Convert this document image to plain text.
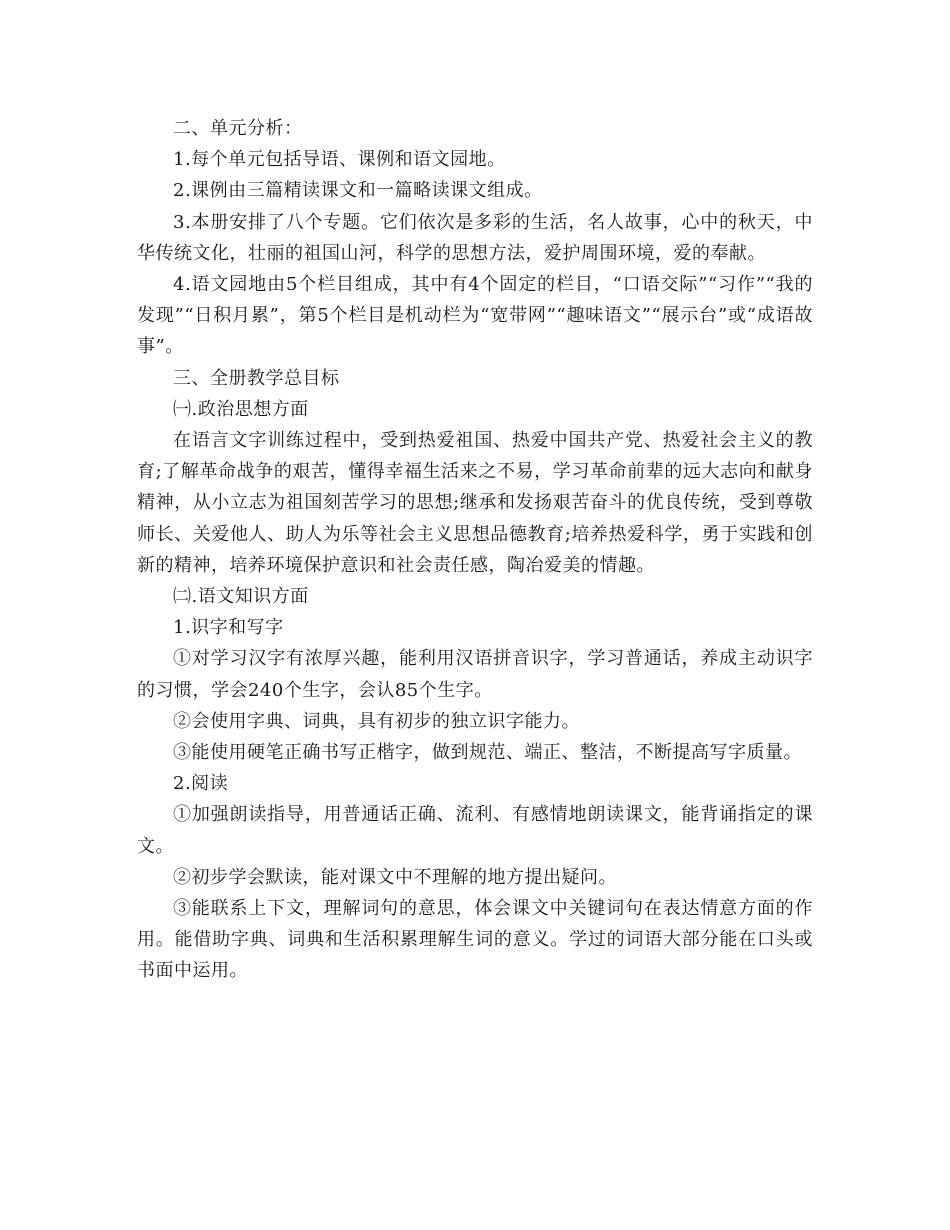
二、单元分析：

1.每个单元包括导语、课例和语文园地。

2.课例由三篇精读课文和一篇略读课文组成。

3.本册安排了八个专题。它们依次是多彩的生活，名人故事，心中的秋天，中华传统文化，壮丽的祖国山河，科学的思想方法，爱护周围环境，爱的奉献。

4.语文园地由5个栏目组成，其中有4个固定的栏目，“口语交际”“习作”“我的发现”“日积月累”，第5个栏目是机动栏为“宽带网”“趣味语文”“展示台”或“成语故事”。

三、全册教学总目标

㈠.政治思想方面

在语言文字训练过程中，受到热爱祖国、热爱中国共产党、热爱社会主义的教育;了解革命战争的艰苦，懂得幸福生活来之不易，学习革命前辈的远大志向和献身精神，从小立志为祖国刻苦学习的思想;继承和发扬艰苦奋斗的优良传统，受到尊敬师长、关爱他人、助人为乐等社会主义思想品德教育;培养热爱科学，勇于实践和创新的精神，培养环境保护意识和社会责任感，陶冶爱美的情趣。

㈡.语文知识方面

1.识字和写字

①对学习汉字有浓厚兴趣，能利用汉语拼音识字，学习普通话，养成主动识字的习惯，学会240个生字，会认85个生字。

②会使用字典、词典，具有初步的独立识字能力。

③能使用硬笔正确书写正楷字，做到规范、端正、整洁，不断提高写字质量。

2.阅读

①加强朗读指导，用普通话正确、流利、有感情地朗读课文，能背诵指定的课文。

②初步学会默读，能对课文中不理解的地方提出疑问。

③能联系上下文，理解词句的意思，体会课文中关键词句在表达情意方面的作用。能借助字典、词典和生活积累理解生词的意义。学过的词语大部分能在口头或书面中运用。
